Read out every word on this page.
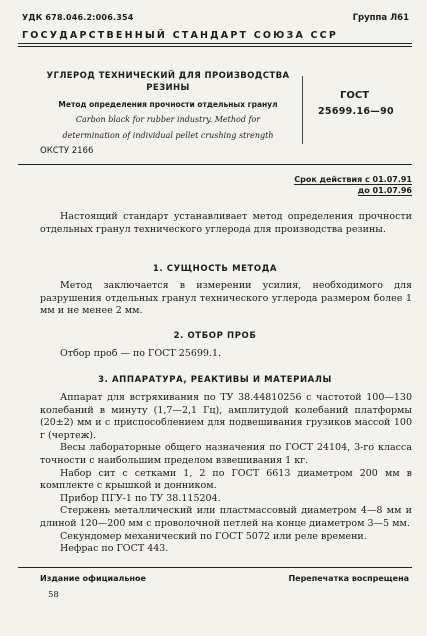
УДК 678.046.2:006.354	Группа Л61
ГОСУДАРСТВЕННЫЙ СТАНДАРТ СОЮЗА ССР
УГЛЕРОД ТЕХНИЧЕСКИЙ ДЛЯ ПРОИЗВОДСТВА
РЕЗИНЫ
Метод определения прочности отдельных гранул
Carbon black for rubber industry. Method for
determination of individual pellet crushing strength
ГОСТ
25699.16—90
ОКСТУ 2166
Срок действия с 01.07.91
до 01.07.96
Настоящий стандарт устанавливает метод определения прочности отдельных гранул технического углерода для производства резины.
1. СУЩНОСТЬ МЕТОДА
Метод заключается в измерении усилия, необходимого для разрушения отдельных гранул технического углерода размером более 1 мм и не менее 2 мм.
2. ОТБОР ПРОБ
Отбор проб — по ГОСТ 25699.1.
3. АППАРАТУРА, РЕАКТИВЫ И МАТЕРИАЛЫ
Аппарат для встряхивания по ТУ 38.44810256 с частотой 100—130 колебаний в минуту (1,7—2,1 Гц), амплитудой колебаний платформы (20±2) мм и с приспособлением для подвешивания грузиков массой 100 г (чертеж).
Весы лабораторные общего назначения по ГОСТ 24104, 3-го класса точности с наибольшим пределом взвешивания 1 кг.
Набор сит с сетками 1, 2 по ГОСТ 6613 диаметром 200 мм в комплекте с крышкой и донником.
Прибор ПГУ-1 по ТУ 38.115204.
Стержень металлический или пластмассовый диаметром 4—8 мм и длиной 120—200 мм с проволочной петлей на конце диаметром 3—5 мм.
Секундомер механический по ГОСТ 5072 или реле времени.
Нефрас по ГОСТ 443.
Издание официальное	Перепечатка воспрещена
58
